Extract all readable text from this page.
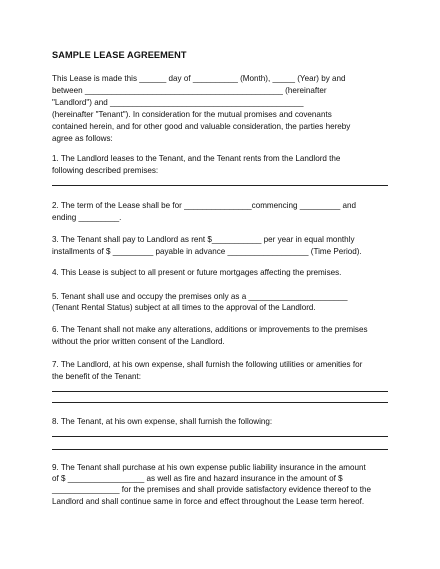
SAMPLE LEASE AGREEMENT
This Lease is made this ______ day of __________ (Month), _____ (Year) by and
between ____________________________________________ (hereinafter
"Landlord") and ___________________________________________
(hereinafter "Tenant"). In consideration for the mutual promises and covenants
contained herein, and for other good and valuable consideration, the parties hereby
agree as follows:
1. The Landlord leases to the Tenant, and the Tenant rents from the Landlord the
following described premises:
2. The term of the Lease shall be for _______________commencing _________ and
ending _________.
3. The Tenant shall pay to Landlord as rent $___________ per year in equal monthly
installments of $ _________ payable in advance __________________ (Time Period).
4. This Lease is subject to all present or future mortgages affecting the premises.
5. Tenant shall use and occupy the premises only as a ______________________
(Tenant Rental Status) subject at all times to the approval of the Landlord.
6. The Tenant shall not make any alterations, additions or improvements to the premises
without the prior written consent of the Landlord.
7. The Landlord, at his own expense, shall furnish the following utilities or amenities for
the benefit of the Tenant:
8. The Tenant, at his own expense, shall furnish the following:
9. The Tenant shall purchase at his own expense public liability insurance in the amount
of $ _________________ as well as fire and hazard insurance in the amount of $
_______________ for the premises and shall provide satisfactory evidence thereof to the
Landlord and shall continue same in force and effect throughout the Lease term hereof.
